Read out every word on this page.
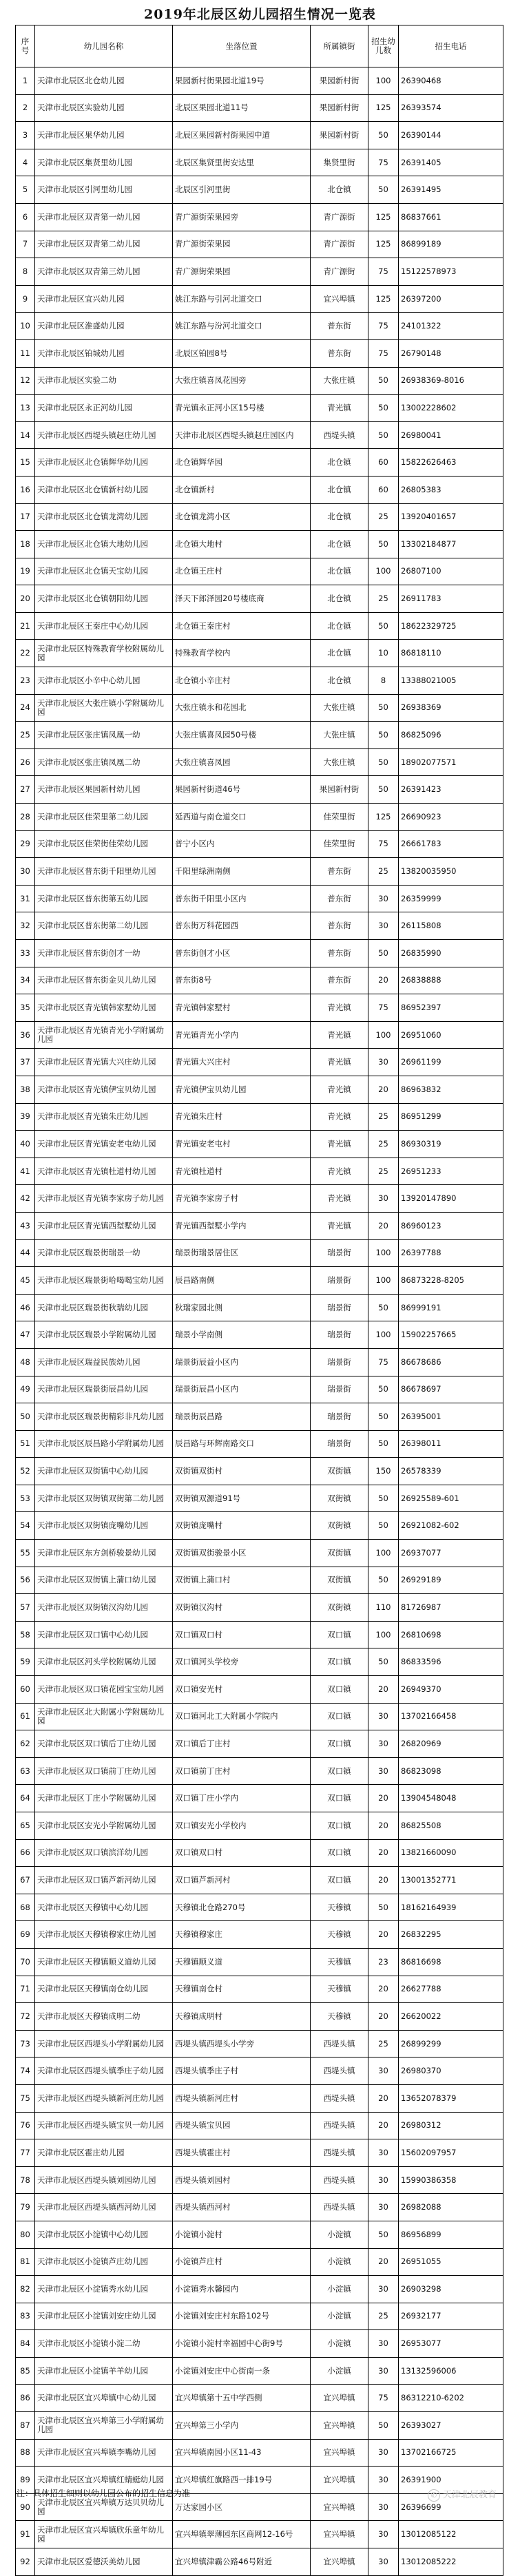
2019年北辰区幼儿园招生情况一览表
序号	幼儿园名称	坐落位置	所属镇街	招生幼儿数	招生电话
1	天津市北辰区北仓幼儿园	果园新村街果园北道19号	果园新村街	100	26390468
2	天津市北辰区实验幼儿园	北辰区果园北道11号	果园新村街	125	26393574
3	天津市北辰区果华幼儿园	北辰区果园新村街果园中道	果园新村街	50	26390144
4	天津市北辰区集贤里幼儿园	北辰区集贤里街安达里	集贤里街	75	26391405
5	天津市北辰区引河里幼儿园	北辰区引河里街	北仓镇	50	26391495
6	天津市北辰区双青第一幼儿园	青广源街荣果园旁	青广源街	125	86837661
7	天津市北辰区双青第二幼儿园	青广源街荣果园	青广源街	125	86899189
8	天津市北辰区双青第三幼儿园	青广源街荣果园	青广源街	75	15122578973
9	天津市北辰区宜兴幼儿园	姚江东路与引河北道交口	宜兴埠镇	125	26397200
10	天津市北辰区淮盛幼儿园	姚江东路与汾河北道交口	普东街	75	24101322
11	天津市北辰区铂城幼儿园	北辰区铂园8号	普东街	75	26790148
12	天津市北辰区实验二幼	大张庄镇喜凤花园旁	大张庄镇	50	26938369-8016
13	天津市北辰区永正河幼儿园	青光镇永正河小区15号楼	青光镇	50	13002228602
14	天津市北辰区西堤头镇赵庄幼儿园	天津市北辰区西堤头镇赵庄园区内	西堤头镇	50	26980041
15	天津市北辰区北仓镇辉华幼儿园	北仓镇辉华园	北仓镇	60	15822626463
16	天津市北辰区北仓镇新村幼儿园	北仓镇新村	北仓镇	60	26805383
17	天津市北辰区北仓镇龙湾幼儿园	北仓镇龙湾小区	北仓镇	25	13920401657
18	天津市北辰区北仓镇大地幼儿园	北仓镇大地村	北仓镇	50	13302184877
19	天津市北辰区北仓镇天宝幼儿园	北仓镇王庄村	北仓镇	100	26807100
20	天津市北辰区北仓镇朝阳幼儿园	泽天下郎泽园20号楼底商	北仓镇	25	26911783
21	天津市北辰区王秦庄中心幼儿园	北仓镇王秦庄村	北仓镇	50	18622329725
22	天津市北辰区特殊教育学校附属幼儿园	特殊教育学校内	北仓镇	10	86818110
23	天津市北辰区小辛中心幼儿园	北仓镇小辛庄村	北仓镇	8	13388021005
24	天津市北辰区大张庄镇小学附属幼儿园	大张庄镇永和花园北	大张庄镇	50	26938369
25	天津市北辰区张庄镇凤凰一幼	大张庄镇喜凤园50号楼	大张庄镇	50	86825096
26	天津市北辰区张庄镇凤凰二幼	大张庄镇喜凤园	大张庄镇	50	18902077571
27	天津市北辰区果园新村幼儿园	果园新村街道46号	果园新村街	50	26391423
28	天津市北辰区佳荣里第二幼儿园	延西道与南仓道交口	佳荣里街	125	26690923
29	天津市北辰区佳荣街佳荣幼儿园	普宁小区内	佳荣里街	75	26661783
30	天津市北辰区普东街千阳里幼儿园	千阳里绿洲南侧	普东街	25	13820035950
31	天津市北辰区普东街第五幼儿园	普东街千阳里小区内	普东街	30	26359999
32	天津市北辰区普东街第二幼儿园	普东街万科花园西	普东街	30	26115808
33	天津市北辰区普东街创才一幼	普东街创才小区	普东街	50	26835990
34	天津市北辰区普东街金贝儿幼儿园	普东街8号	普东街	20	26838888
35	天津市北辰区青光镇韩家墅幼儿园	青光镇韩家墅村	青光镇	75	86952397
36	天津市北辰区青光镇青光小学附属幼儿园	青光镇青光小学内	青光镇	100	26951060
37	天津市北辰区青光镇大兴庄幼儿园	青光镇大兴庄村	青光镇	30	26961199
38	天津市北辰区青光镇伊宝贝幼儿园	青光镇伊宝贝幼儿园	青光镇	20	86963832
39	天津市北辰区青光镇朱庄幼儿园	青光镇朱庄村	青光镇	25	86951299
40	天津市北辰区青光镇安老屯幼儿园	青光镇安老屯村	青光镇	25	86930319
41	天津市北辰区青光镇杜道村幼儿园	青光镇杜道村	青光镇	25	26951233
42	天津市北辰区青光镇李家房子幼儿园	青光镇李家房子村	青光镇	30	13920147890
43	天津市北辰区青光镇西堼墅幼儿园	青光镇西堼墅小学内	青光镇	20	86960123
44	天津市北辰区瑞景街瑞景一幼	瑞景街瑞景居住区	瑞景街	100	26397788
45	天津市北辰区瑞景街哈喝喝宝幼儿园	辰昌路南侧	瑞景街	100	86873228-8205
46	天津市北辰区瑞景街秋瑞幼儿园	秋瑞家园北侧	瑞景街	50	86999191
47	天津市北辰区瑞景小学附属幼儿园	瑞景小学南侧	瑞景街	100	15902257665
48	天津市北辰区瑞益民族幼儿园	瑞景街辰益小区内	瑞景街	75	86678686
49	天津市北辰区瑞景街辰昌幼儿园	瑞景街辰昌小区内	瑞景街	50	86678697
50	天津市北辰区瑞景街精彩非凡幼儿园	瑞景街辰昌路	瑞景街	50	26395001
51	天津市北辰区辰昌路小学附属幼儿园	辰昌路与环辉南路交口	瑞景街	50	26398011
52	天津市北辰区双街镇中心幼儿园	双街镇双街村	双街镇	150	26578339
53	天津市北辰区双街镇双街第二幼儿园	双街镇双源道91号	双街镇	50	26925589-601
54	天津市北辰区双街镇庞嘴幼儿园	双街镇庞嘴村	双街镇	50	26921082-602
55	天津市北辰区东方剑桥骏景幼儿园	双街镇双街骏景小区	双街镇	100	26937077
56	天津市北辰区双街镇上蒲口幼儿园	双街镇上蒲口村	双街镇	50	26929189
57	天津市北辰区双街镇汉沟幼儿园	双街镇汉沟村	双街镇	110	81726987
58	天津市北辰区双口镇中心幼儿园	双口镇双口村	双口镇	100	26810698
59	天津市北辰区河头学校附属幼儿园	双口镇河头学校旁	双口镇	50	86833596
60	天津市北辰区双口镇花园宝宝幼儿园	双口镇安光村	双口镇	20	26949370
61	天津市北辰区北大附属小学附属幼儿园	双口镇河北工大附属小学院内	双口镇	30	13702166458
62	天津市北辰区双口镇后丁庄幼儿园	双口镇后丁庄村	双口镇	30	26820969
63	天津市北辰区双口镇前丁庄幼儿园	双口镇前丁庄村	双口镇	30	86823098
64	天津市北辰区丁庄小学附属幼儿园	双口镇丁庄小学内	双口镇	20	13904548048
65	天津市北辰区安光小学附属幼儿园	双口镇安光小学校内	双口镇	20	86825508
66	天津市北辰区双口镇滨洋幼儿园	双口镇双口村	双口镇	20	13821660090
67	天津市北辰区双口镇芦新河幼儿园	双口镇芦新河村	双口镇	20	13001352771
68	天津市北辰区天穆镇中心幼儿园	天穆镇北仓路270号	天穆镇	50	18162164939
69	天津市北辰区天穆镇穆家庄幼儿园	天穆镇穆家庄	天穆镇	20	26832295
70	天津市北辰区天穆镇顺义道幼儿园	天穆镇顺义道	天穆镇	23	86816698
71	天津市北辰区天穆镇南仓幼儿园	天穆镇南仓村	天穆镇	20	26627788
72	天津市北辰区天穆镇成明二幼	天穆镇成明村	天穆镇	20	26620022
73	天津市北辰区西堤头小学附属幼儿园	西堤头镇西堤头小学旁	西堤头镇	25	26899299
74	天津市北辰区西堤头镇季庄子幼儿园	西堤头镇季庄子村	西堤头镇	30	26980370
75	天津市北辰区西堤头镇新河庄幼儿园	西堤头镇新河庄村	西堤头镇	20	13652078379
76	天津市北辰区西堤头镇宝贝一幼儿园	西堤头镇宝贝园	西堤头镇	20	26980312
77	天津市北辰区霍庄幼儿园	西堤头镇霍庄村	西堤头镇	30	15602097957
78	天津市北辰区西堤头镇刘园幼儿园	西堤头镇刘园村	西堤头镇	30	15990386358
79	天津市北辰区西堤头镇西河幼儿园	西堤头镇西河村	西堤头镇	30	26982088
80	天津市北辰区小淀镇中心幼儿园	小淀镇小淀村	小淀镇	50	86956899
81	天津市北辰区小淀镇芦庄幼儿园	小淀镇芦庄村	小淀镇	20	26951055
82	天津市北辰区小淀镇秀水幼儿园	小淀镇秀水馨园内	小淀镇	30	26903298
83	天津市北辰区小淀镇刘安庄幼儿园	小淀镇刘安庄村东路102号	小淀镇	25	26932177
84	天津市北辰区小淀镇小淀二幼	小淀镇小淀村幸福园中心街9号	小淀镇	30	26953077
85	天津市北辰区小淀镇羊羊幼儿园	小淀镇刘安庄中心街南一条	小淀镇	30	13132596006
86	天津市北辰区宜兴埠镇中心幼儿园	宜兴埠镇第十五中学西侧	宜兴埠镇	75	86312210-6202
87	天津市北辰区宜兴埠第三小学附属幼儿园	宜兴埠第三小学内	宜兴埠镇	50	26393027
88	天津市北辰区宜兴埠镇李嘴幼儿园	宜兴埠镇南园小区11-43	宜兴埠镇	30	13702166725
89	天津市北辰区宜兴埠镇红蜻蜓幼儿园	宜兴埠镇红旗路西一排19号	宜兴埠镇	30	26391900
90	天津市北辰区宜兴埠镇万达贝贝幼儿园	万达家园小区	宜兴埠镇	30	26396699
91	天津市北辰区宜兴埠镇欣乐童年幼儿园	宜兴埠镇翠薄园东区商网12-16号	宜兴埠镇	30	13012085122
92	天津市北辰区爱德沃美幼儿园	宜兴埠镇津霸公路46号附近	宜兴埠镇	30	13012085222
注：具体招生细则以幼儿园公布的招生信息为准	✆ 天津北辰教育
